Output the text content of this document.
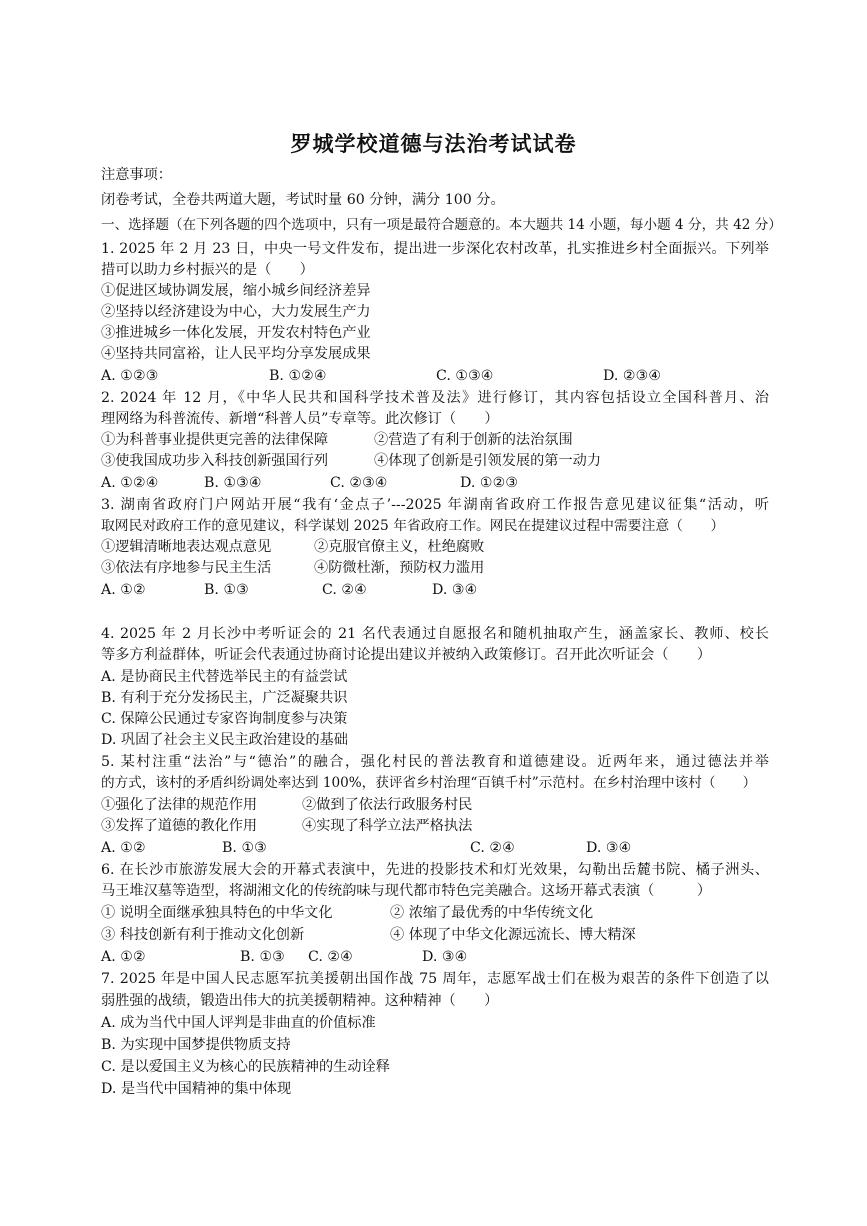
罗城学校道德与法治考试试卷
注意事项：
闭卷考试，全卷共两道大题，考试时量 60 分钟，满分 100 分。
一、选择题（在下列各题的四个选项中，只有一项是最符合题意的。本大题共 14 小题，每小题 4 分，共 42 分）
1. 2025 年 2 月 23 日，中央一号文件发布，提出进一步深化农村改革，扎实推进乡村全面振兴。下列举
措可以助力乡村振兴的是（　　）
①促进区域协调发展，缩小城乡间经济差异
②坚持以经济建设为中心，大力发展生产力
③推进城乡一体化发展，开发农村特色产业
④坚持共同富裕，让人民平均分享发展成果
A. ①②③	B. ①②④	C. ①③④	D. ②③④
2. 2024 年 12 月，《中华人民共和国科学技术普及法》进行修订，其内容包括设立全国科普月、治
理网络为科普流传、新增“科普人员”专章等。此次修订（　　）
①为科普事业提供更完善的法律保障	②营造了有利于创新的法治氛围
③使我国成功步入科技创新强国行列	④体现了创新是引领发展的第一动力
A. ①②④	B. ①③④	C. ②③④	D. ①②③
3. 湖南省政府门户网站开展“我有‘金点子’---2025 年湖南省政府工作报告意见建议征集“活动，听
取网民对政府工作的意见建议，科学谋划 2025 年省政府工作。网民在提建议过程中需要注意（　　）
①逻辑清晰地表达观点意见	②克服官僚主义，杜绝腐败
③依法有序地参与民主生活	④防微杜渐，预防权力滥用
A. ①②	B. ①③	C. ②④	D. ③④
4. 2025 年 2 月长沙中考听证会的 21 名代表通过自愿报名和随机抽取产生，涵盖家长、教师、校长
等多方利益群体，听证会代表通过协商讨论提出建议并被纳入政策修订。召开此次听证会（　　）
A. 是协商民主代替选举民主的有益尝试
B. 有利于充分发扬民主，广泛凝聚共识
C. 保障公民通过专家咨询制度参与决策
D. 巩固了社会主义民主政治建设的基础
5. 某村注重“法治”与“德治”的融合，强化村民的普法教育和道德建设。近两年来，通过德法并举
的方式，该村的矛盾纠纷调处率达到 100%，获评省乡村治理“百镇千村”示范村。在乡村治理中该村（　　）
①强化了法律的规范作用	②做到了依法行政服务村民
③发挥了道德的教化作用	④实现了科学立法严格执法
A. ①②	B. ①③	C. ②④	D. ③④
6. 在长沙市旅游发展大会的开幕式表演中，先进的投影技术和灯光效果，勾勒出岳麓书院、橘子洲头、
马王堆汉墓等造型，将湖湘文化的传统韵味与现代都市特色完美融合。这场开幕式表演（　　　）
① 说明全面继承独具特色的中华文化	② 浓缩了最优秀的中华传统文化
③ 科技创新有利于推动文化创新	④ 体现了中华文化源远流长、博大精深
A. ①②	B. ①③ C. ②④	D. ③④
7. 2025 年是中国人民志愿军抗美援朝出国作战 75 周年，志愿军战士们在极为艰苦的条件下创造了以
弱胜强的战绩，锻造出伟大的抗美援朝精神。这种精神（　　）
A. 成为当代中国人评判是非曲直的价值标准
B. 为实现中国梦提供物质支持
C. 是以爱国主义为核心的民族精神的生动诠释
D. 是当代中国精神的集中体现
